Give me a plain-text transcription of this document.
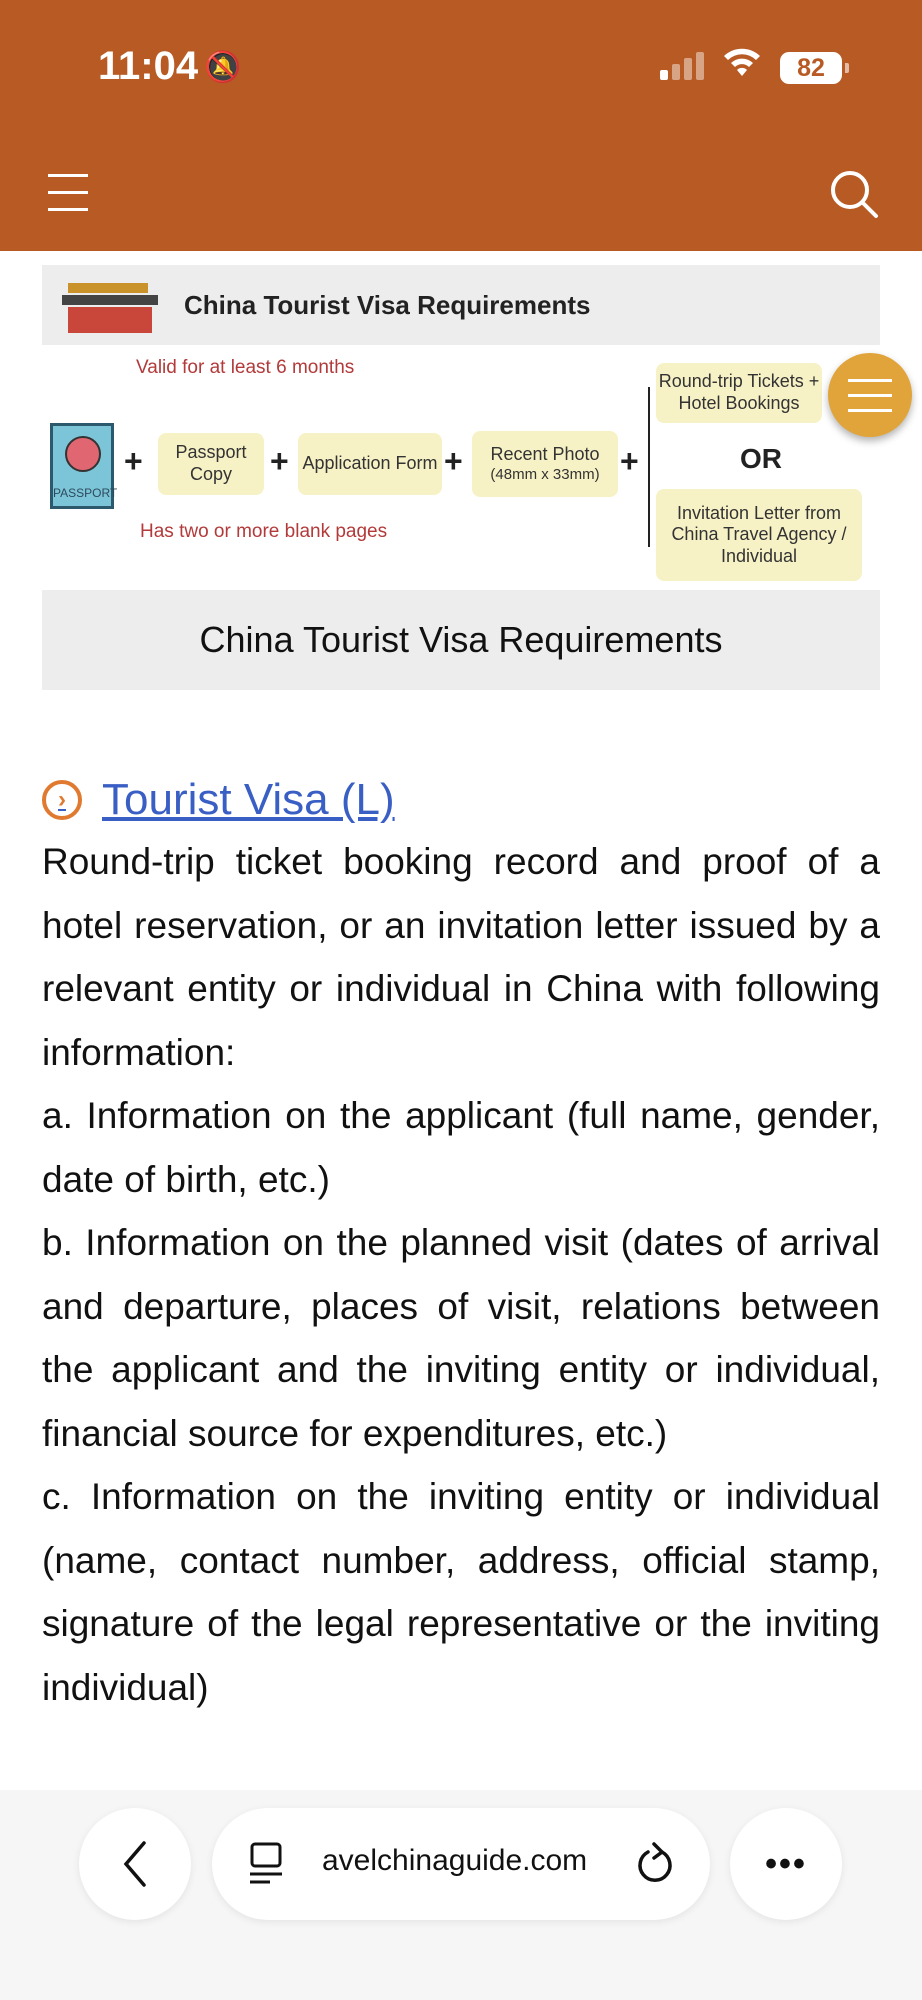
11:04 🔕	82
China Tourist Visa Requirements
PASSPORT
Valid for at least 6 months
Has two or more blank pages
+	Passport Copy	+ Application Form +	Recent Photo
(48mm x 33mm) +
Round-trip Tickets + Hotel Bookings
OR
Invitation Letter from China Travel Agency / Individual
China Tourist Visa Requirements
› Tourist Visa (L)

Round-trip ticket booking record and proof of a hotel reservation, or an invitation letter issued by a relevant entity or individual in China with following information:

a. Information on the applicant (full name, gender, date of birth, etc.)

b. Information on the planned visit (dates of arrival and departure, places of visit, relations between the applicant and the inviting entity or individual, financial source for expenditures, etc.)

c. Information on the inviting entity or individual (name, contact number, address, official stamp, signature of the legal representative or the inviting individual)

avelchinaguide.com	•••
